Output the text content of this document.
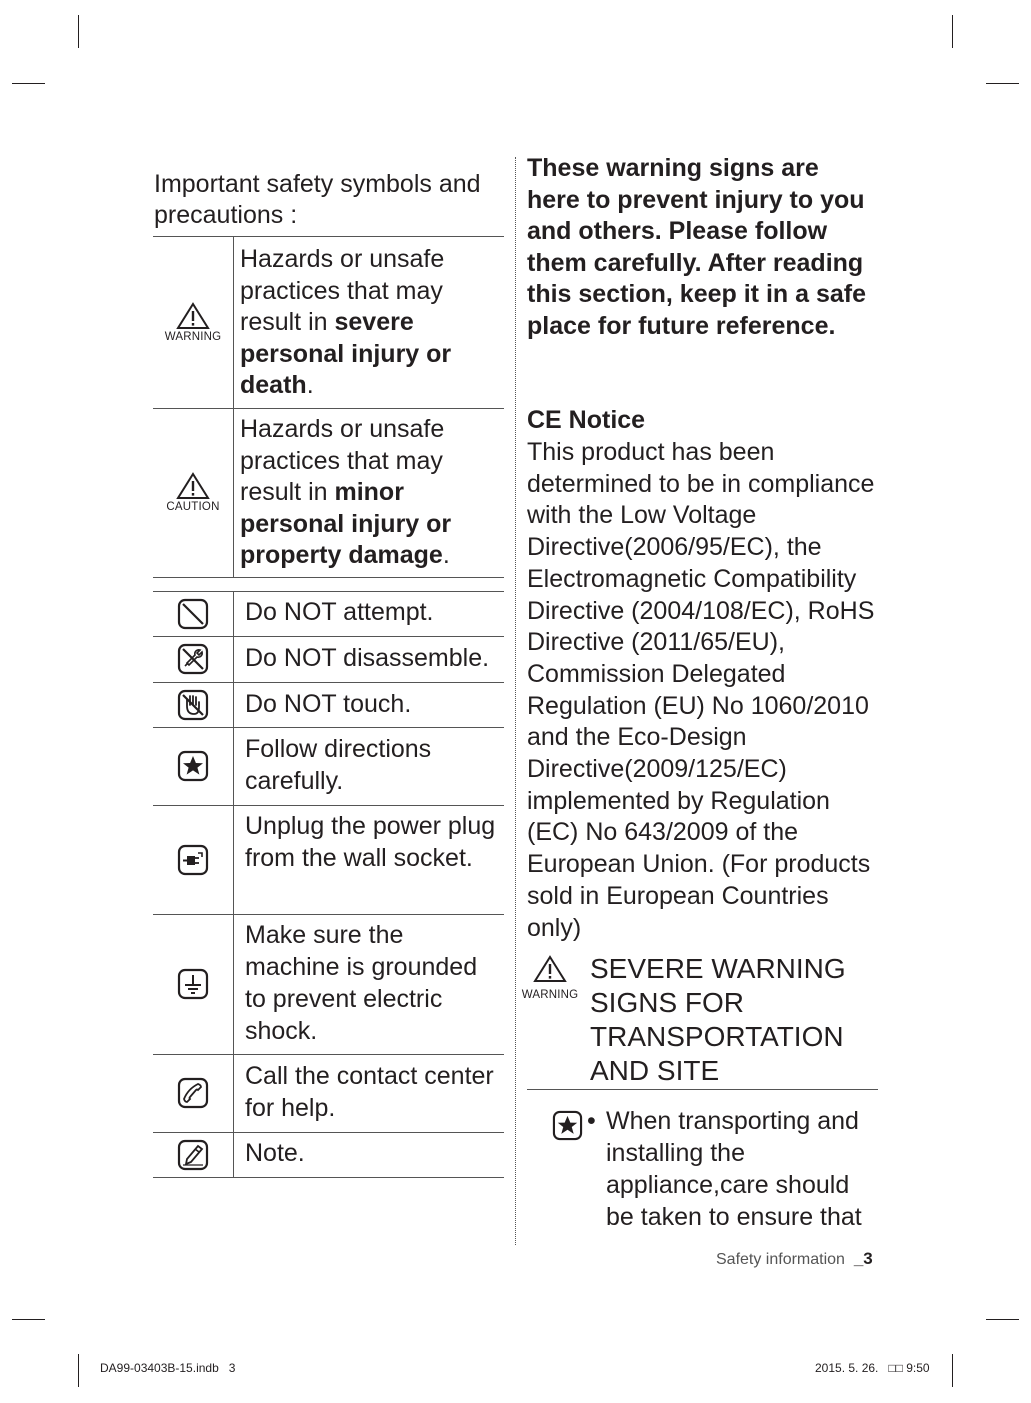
Important safety symbols and precautions :
WARNING
Hazards or unsafe practices that may result in severe personal injury or death.
CAUTION
Hazards or unsafe practices that may result in minor personal injury or property damage.
Do NOT attempt.
Do NOT disassemble.
Do NOT touch.
Follow directions carefully.
Unplug the power plug from the wall socket.
Make sure the machine is grounded to prevent electric shock.
Call the contact center for help.
Note.
These warning signs are here to prevent injury to you and others. Please follow them carefully. After reading this section, keep it in a safe place for future reference.
CE Notice
This product has been determined to be in compliance with the Low Voltage Directive(2006/95/EC), the Electromagnetic Compatibility Directive (2004/108/EC), RoHS Directive (2011/65/EU), Commission Delegated Regulation (EU) No 1060/2010 and the Eco-Design Directive(2009/125/EC) implemented by Regulation (EC) No 643/2009 of the European Union. (For products sold in European Countries only)
WARNING
SEVERE WARNING SIGNS FOR TRANSPORTATION AND SITE
• When transporting and installing the appliance,care should be taken to ensure that
Safety information _3
DA99-03403B-15.indb   3	2015. 5. 26.   □□ 9:50
